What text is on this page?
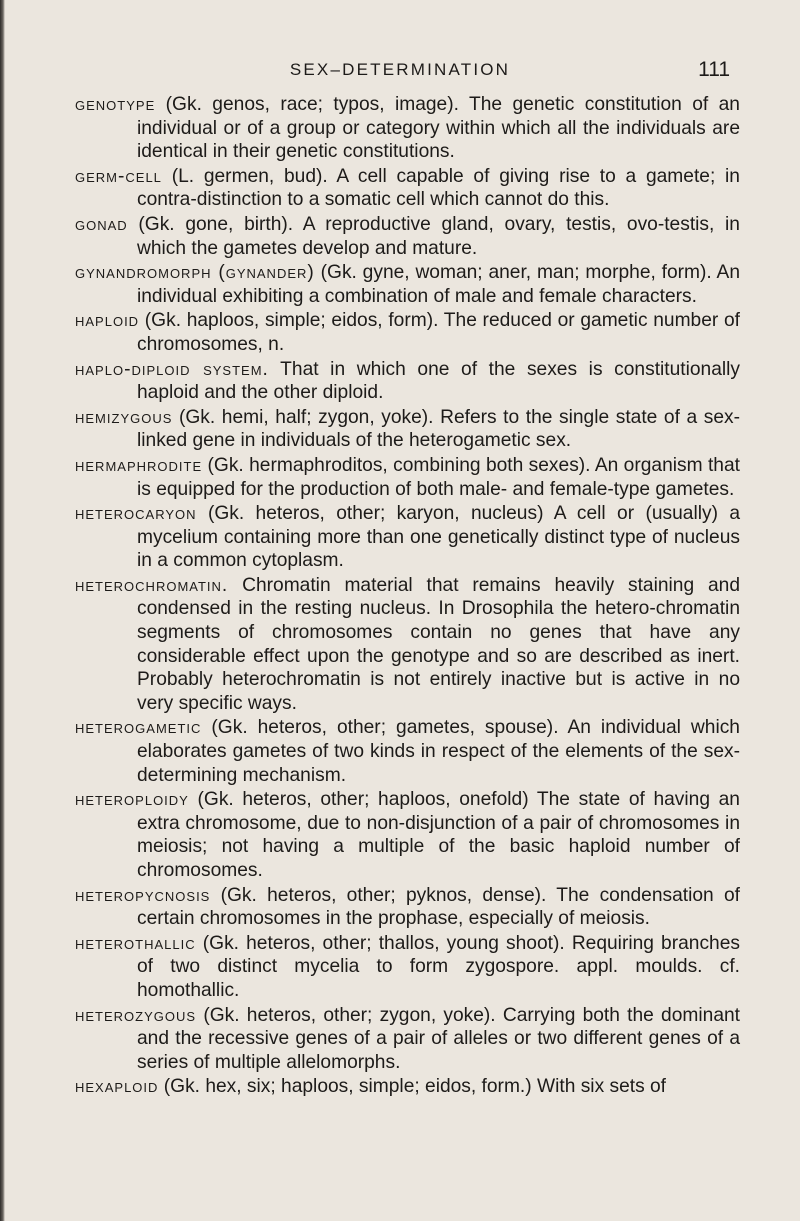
SEX–DETERMINATION	111

genotype (Gk. genos, race; typos, image). The genetic constitution of an individual or of a group or category within which all the individuals are identical in their genetic constitutions.

germ-cell (L. germen, bud). A cell capable of giving rise to a gamete; in contra-distinction to a somatic cell which cannot do this.

gonad (Gk. gone, birth). A reproductive gland, ovary, testis, ovo-testis, in which the gametes develop and mature.

gynandromorph (gynander) (Gk. gyne, woman; aner, man; morphe, form). An individual exhibiting a combination of male and female characters.

haploid (Gk. haploos, simple; eidos, form). The reduced or gametic number of chromosomes, n.

haplo-diploid system. That in which one of the sexes is constitutionally haploid and the other diploid.

hemizygous (Gk. hemi, half; zygon, yoke). Refers to the single state of a sex-linked gene in individuals of the heterogametic sex.

hermaphrodite (Gk. hermaphroditos, combining both sexes). An organism that is equipped for the production of both male- and female-type gametes.

heterocaryon (Gk. heteros, other; karyon, nucleus) A cell or (usually) a mycelium containing more than one genetically distinct type of nucleus in a common cytoplasm.

heterochromatin. Chromatin material that remains heavily staining and condensed in the resting nucleus. In Drosophila the hetero-chromatin segments of chromosomes contain no genes that have any considerable effect upon the genotype and so are described as inert. Probably heterochromatin is not entirely inactive but is active in no very specific ways.

heterogametic (Gk. heteros, other; gametes, spouse). An individual which elaborates gametes of two kinds in respect of the elements of the sex-determining mechanism.

heteroploidy (Gk. heteros, other; haploos, onefold) The state of having an extra chromosome, due to non-disjunction of a pair of chromosomes in meiosis; not having a multiple of the basic haploid number of chromosomes.

heteropycnosis (Gk. heteros, other; pyknos, dense). The condensation of certain chromosomes in the prophase, especially of meiosis.

heterothallic (Gk. heteros, other; thallos, young shoot). Requiring branches of two distinct mycelia to form zygospore. appl. moulds. cf. homothallic.

heterozygous (Gk. heteros, other; zygon, yoke). Carrying both the dominant and the recessive genes of a pair of alleles or two different genes of a series of multiple allelomorphs.

hexaploid (Gk. hex, six; haploos, simple; eidos, form.) With six sets of
